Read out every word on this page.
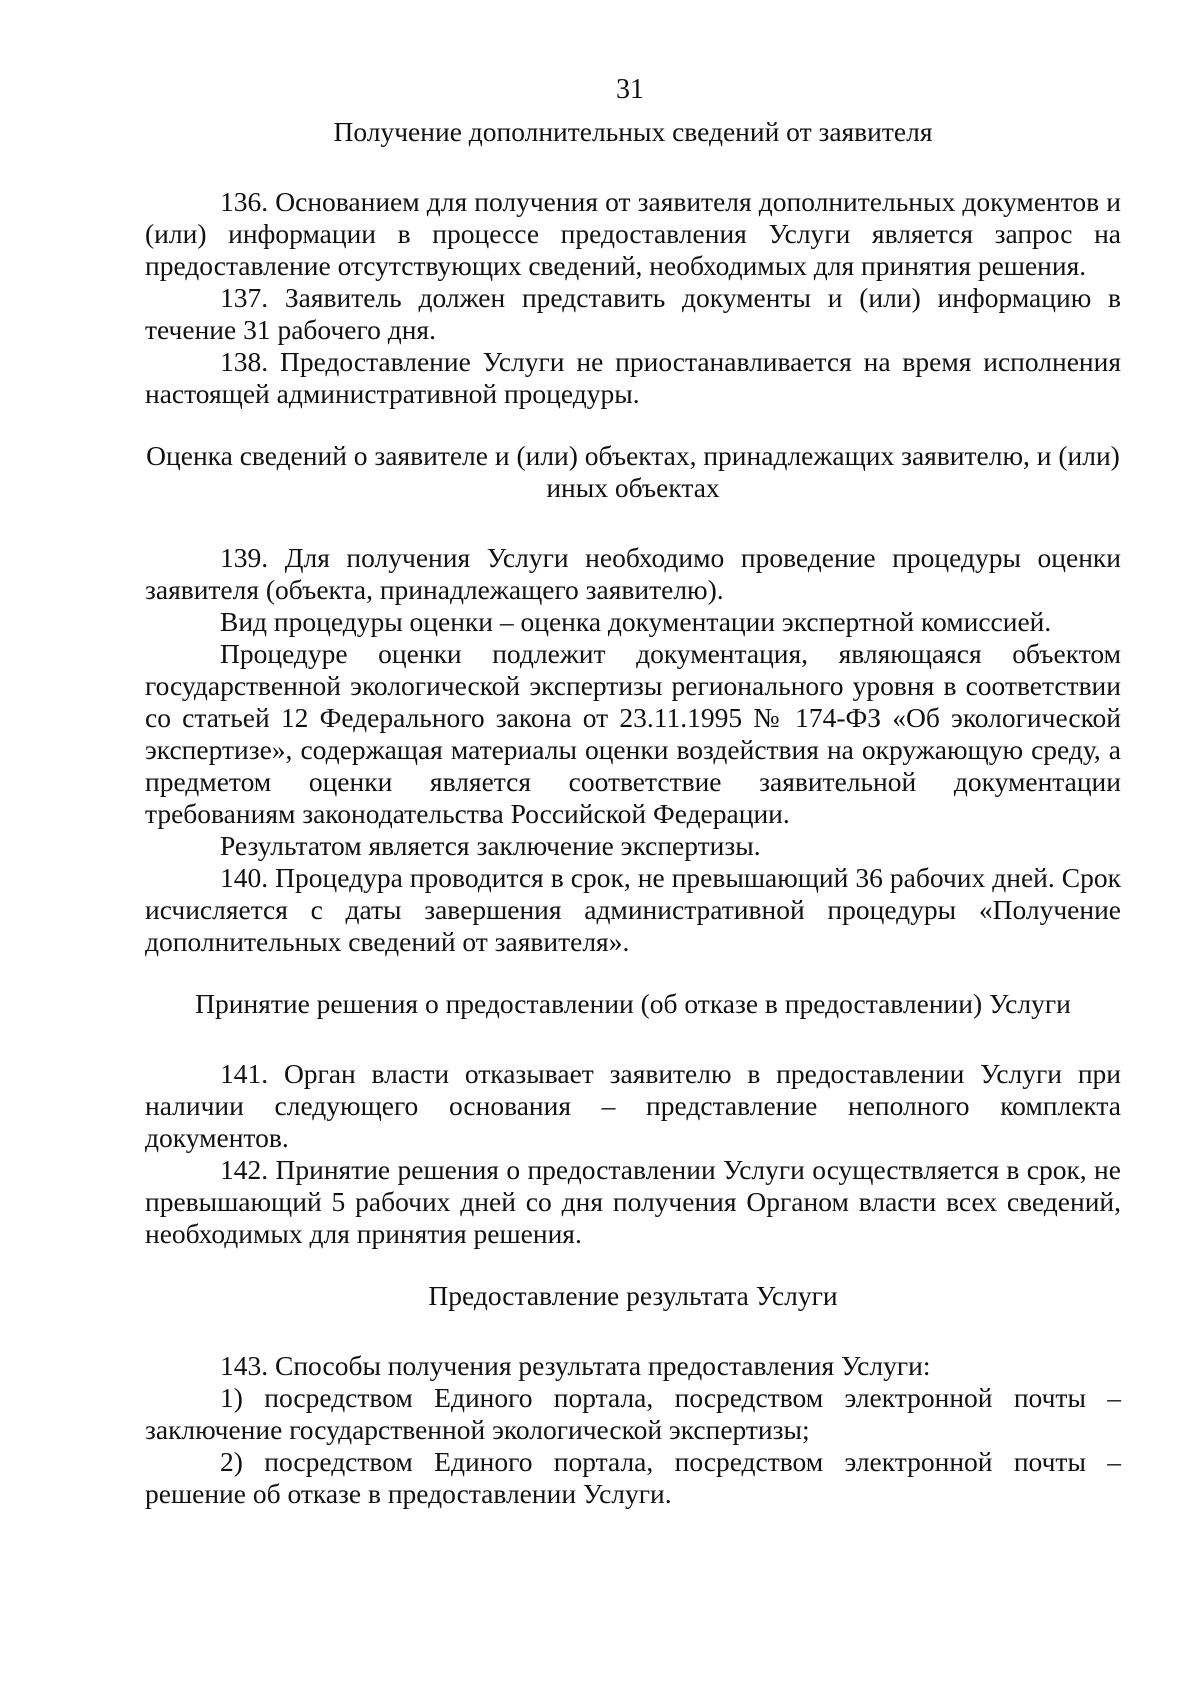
31

Получение дополнительных сведений от заявителя

136. Основанием для получения от заявителя дополнительных документов и (или) информации в процессе предоставления Услуги является запрос на предоставление отсутствующих сведений, необходимых для принятия решения.

137. Заявитель должен представить документы и (или) информацию в течение 31 рабочего дня.

138. Предоставление Услуги не приостанавливается на время исполнения настоящей административной процедуры.

Оценка сведений о заявителе и (или) объектах, принадлежащих заявителю, и (или) иных объектах

139. Для получения Услуги необходимо проведение процедуры оценки заявителя (объекта, принадлежащего заявителю).

Вид процедуры оценки – оценка документации экспертной комиссией.

Процедуре оценки подлежит документация, являющаяся объектом государственной экологической экспертизы регионального уровня в соответствии со статьей 12 Федерального закона от 23.11.1995 № 174-ФЗ «Об экологической экспертизе», содержащая материалы оценки воздействия на окружающую среду, а предметом оценки является соответствие заявительной документации требованиям законодательства Российской Федерации.

Результатом является заключение экспертизы.

140. Процедура проводится в срок, не превышающий 36 рабочих дней. Срок исчисляется с даты завершения административной процедуры «Получение дополнительных сведений от заявителя».

Принятие решения о предоставлении (об отказе в предоставлении) Услуги

141. Орган власти отказывает заявителю в предоставлении Услуги при наличии следующего основания – представление неполного комплекта документов.

142. Принятие решения о предоставлении Услуги осуществляется в срок, не превышающий 5 рабочих дней со дня получения Органом власти всех сведений, необходимых для принятия решения.

Предоставление результата Услуги

143. Способы получения результата предоставления Услуги:

1) посредством Единого портала, посредством электронной почты – заключение государственной экологической экспертизы;

2) посредством Единого портала, посредством электронной почты – решение об отказе в предоставлении Услуги.
